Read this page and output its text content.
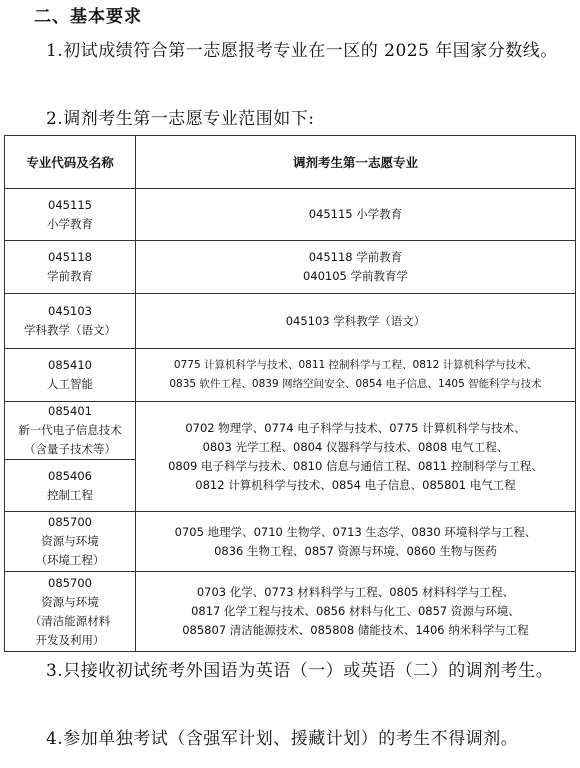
二、基本要求
1.初试成绩符合第一志愿报考专业在一区的 2025 年国家分数线。
2.调剂考生第一志愿专业范围如下:
专业代码及名称	调剂考生第一志愿专业

045115
小学教育	045115 小学教育

045118
学前教育	045118 学前教育
040105 学前教育学

045103
学科教学（语文）	045103 学科教学（语文）

085410
人工智能	0775 计算机科学与技术、0811 控制科学与工程、0812 计算机科学与技术、
0835 软件工程、0839 网络空间安全、0854 电子信息、1405 智能科学与技术

085401
新一代电子信息技术
（含量子技术等）	0702 物理学、0774 电子科学与技术、0775 计算机科学与技术、
0803 光学工程、0804 仪器科学与技术、0808 电气工程、
0809 电子科学与技术、0810 信息与通信工程、0811 控制科学与工程、
0812 计算机科学与技术、0854 电子信息、085801 电气工程

085406
控制工程	

085700
资源与环境
（环境工程）	0705 地理学、0710 生物学、0713 生态学、0830 环境科学与工程、
0836 生物工程、0857 资源与环境、0860 生物与医药

085700
资源与环境
（清洁能源材料
开发及利用）	0703 化学、0773 材料科学与工程、0805 材料科学与工程、
0817 化学工程与技术、0856 材料与化工、0857 资源与环境、
085807 清洁能源技术、085808 储能技术、1406 纳米科学与工程
3.只接收初试统考外国语为英语（一）或英语（二）的调剂考生。
4.参加单独考试（含强军计划、援藏计划）的考生不得调剂。
